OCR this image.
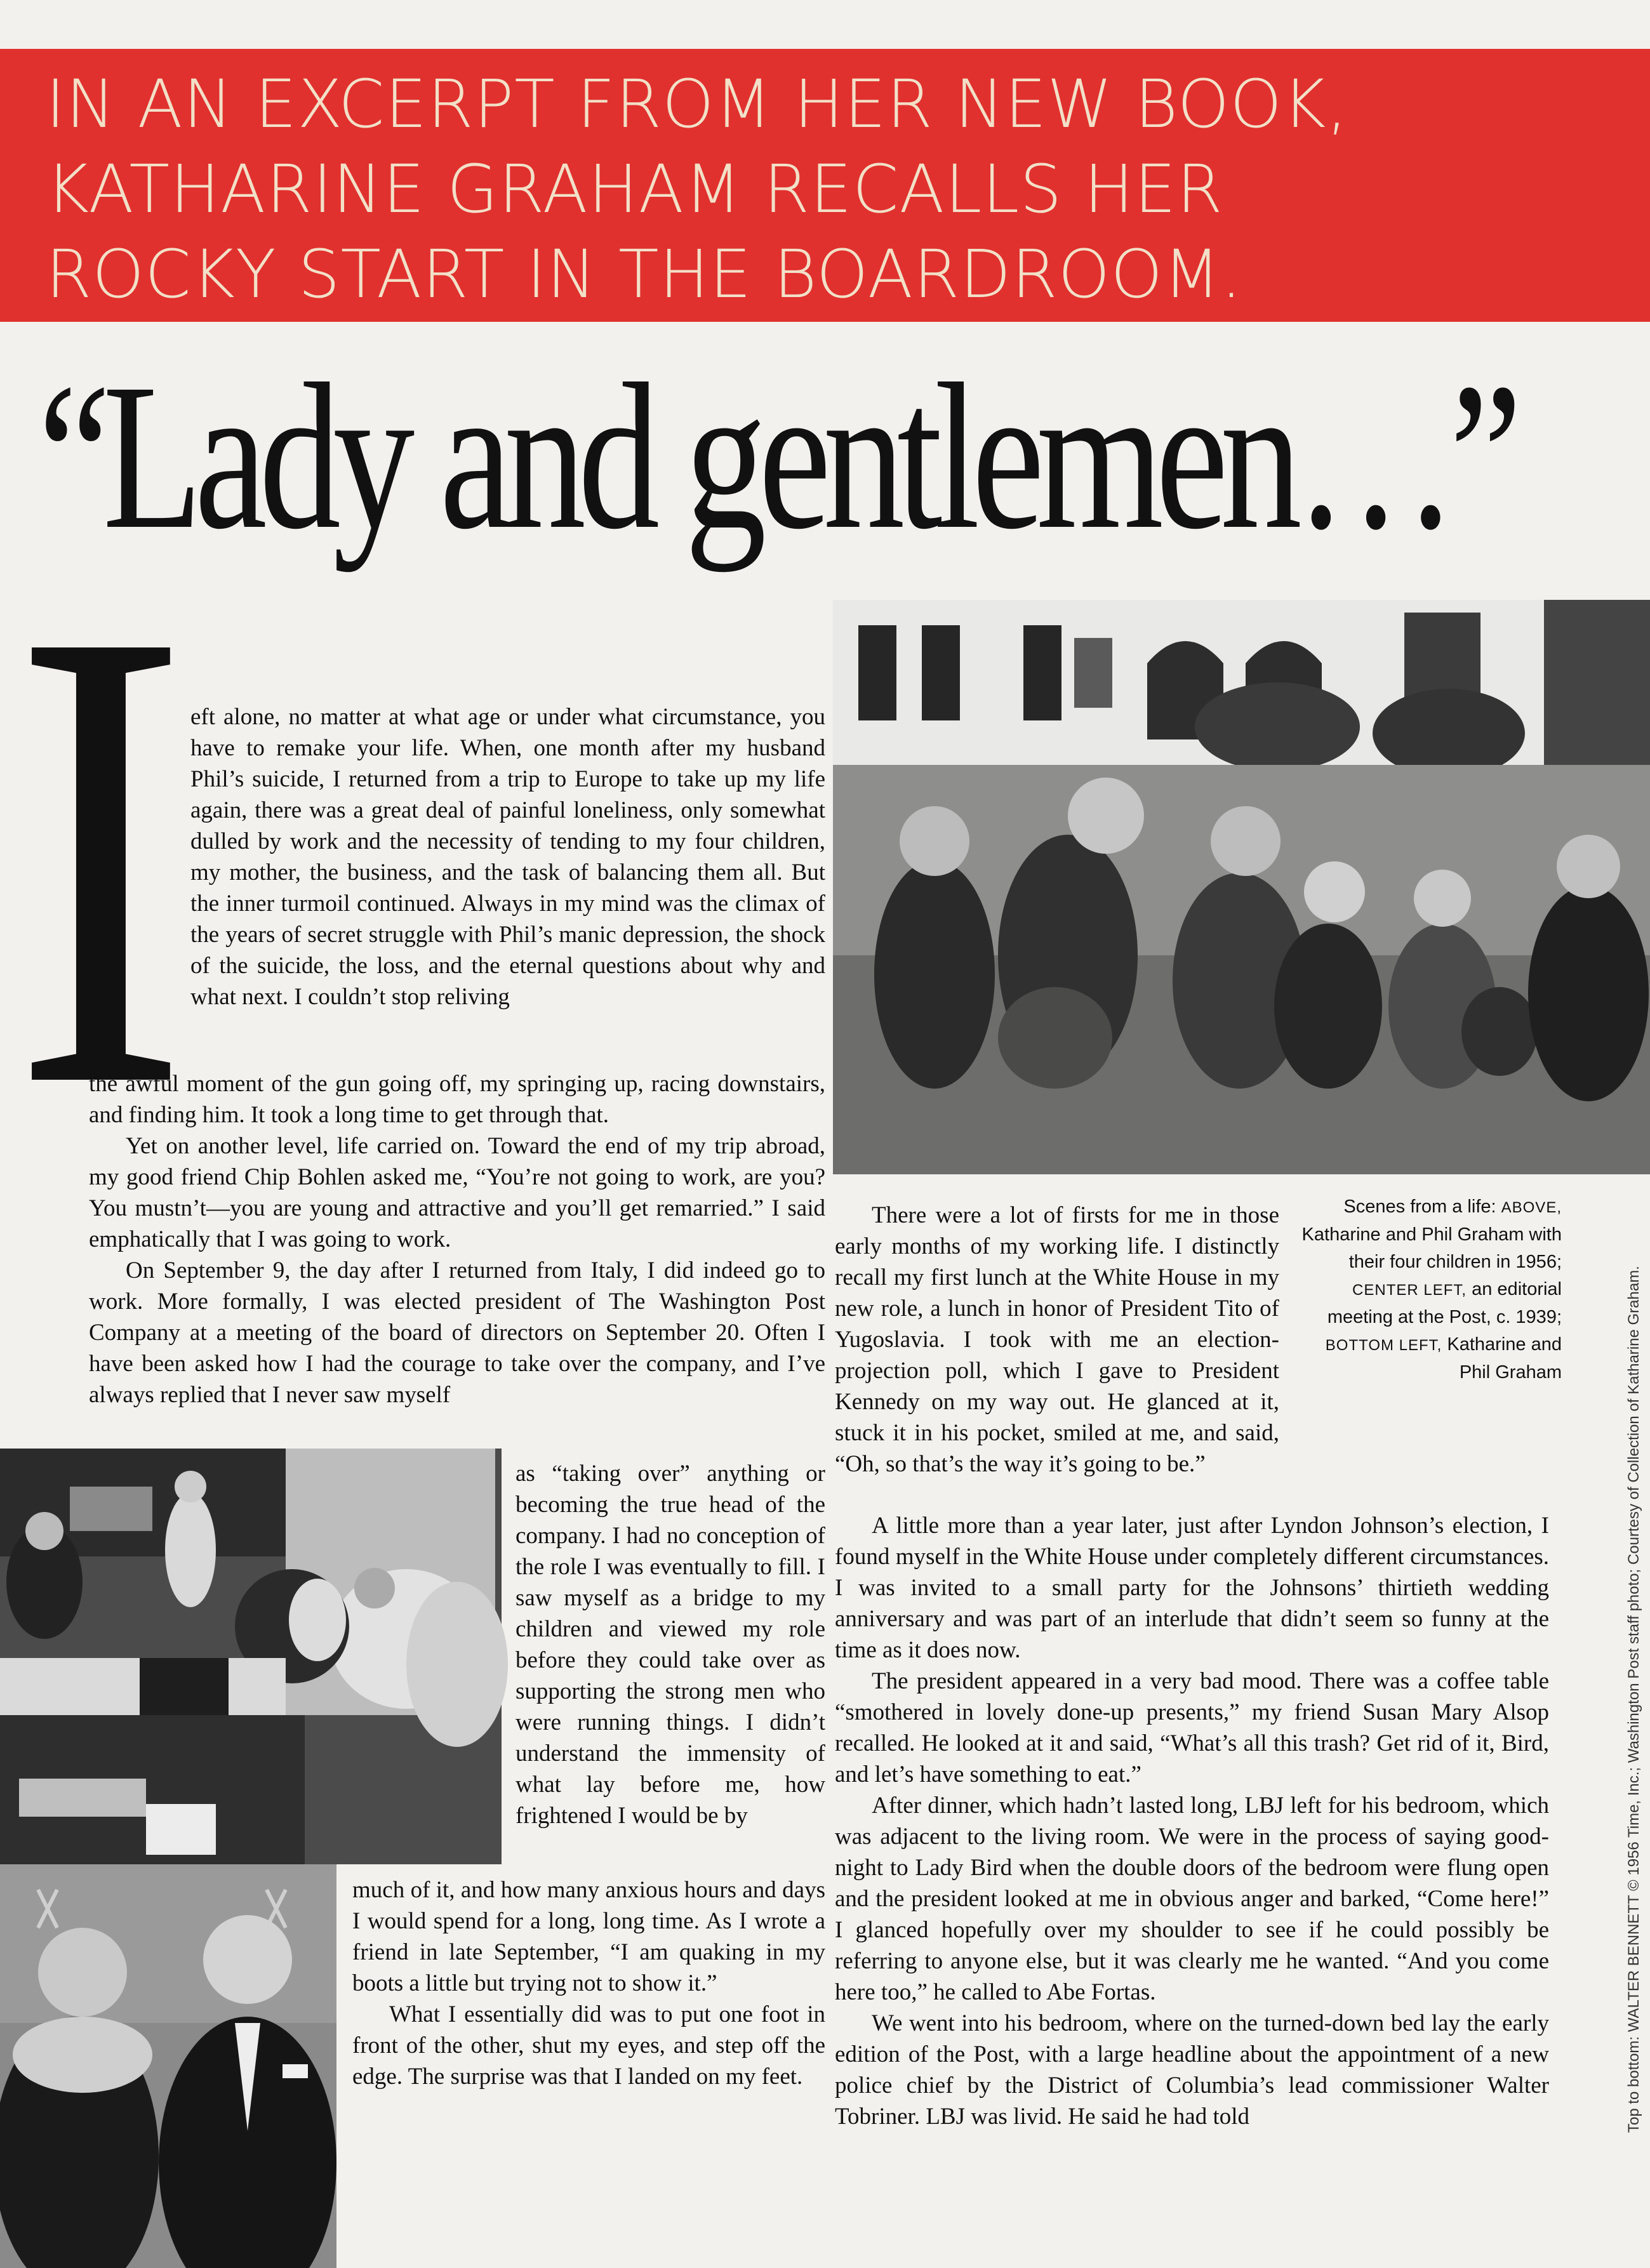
IN AN EXCERPT FROM HER NEW BOOK,
KATHARINE GRAHAM RECALLS HER
ROCKY START IN THE BOARDROOM.
“Lady and gentlemen…”
I eft alone, no matter at what age or under what circumstance, you have to remake your life. When, one month after my husband Phil’s suicide, I returned from a trip to Europe to take up my life again, there was a great deal of painful loneliness, only somewhat dulled by work and the necessity of tending to my four children, my mother, the business, and the task of balancing them all. But the inner turmoil continued. Always in my mind was the climax of the years of secret struggle with Phil’s manic depression, the shock of the suicide, the loss, and the eternal questions about why and what next. I couldn’t stop reliving

the awful moment of the gun going off, my springing up, racing downstairs, and finding him. It took a long time to get through that.

Yet on another level, life carried on. Toward the end of my trip abroad, my good friend Chip Bohlen asked me, “You’re not going to work, are you? You mustn’t—you are young and attractive and you’ll get remarried.” I said emphatically that I was going to work.

On September 9, the day after I returned from Italy, I did indeed go to work. More formally, I was elected president of The Washington Post Company at a meeting of the board of directors on September 20. Often I have been asked how I had the courage to take over the company, and I’ve always replied that I never saw myself

as “taking over” anything or becoming the true head of the company. I had no conception of the role I was eventually to fill. I saw myself as a bridge to my children and viewed my role before they could take over as supporting the strong men who were running things. I didn’t understand the immensity of what lay before me, how frightened I would be by

much of it, and how many anxious hours and days I would spend for a long, long time. As I wrote a friend in late September, “I am quaking in my boots a little but trying not to show it.”

What I essentially did was to put one foot in front of the other, shut my eyes, and step off the edge. The surprise was that I landed on my feet.

There were a lot of firsts for me in those early months of my working life. I distinctly recall my first lunch at the White House in my new role, a lunch in honor of President Tito of Yugoslavia. I took with me an election-projection poll, which I gave to President Kennedy on my way out. He glanced at it, stuck it in his pocket, smiled at me, and said, “Oh, so that’s the way it’s going to be.”

A little more than a year later, just after Lyndon Johnson’s election, I found myself in the White House under completely different circumstances. I was invited to a small party for the Johnsons’ thirtieth wedding anniversary and was part of an interlude that didn’t seem so funny at the time as it does now.

The president appeared in a very bad mood. There was a coffee table “smothered in lovely done-up presents,” my friend Susan Mary Alsop recalled. He looked at it and said, “What’s all this trash? Get rid of it, Bird, and let’s have something to eat.”

After dinner, which hadn’t lasted long, LBJ left for his bedroom, which was adjacent to the living room. We were in the process of saying good-night to Lady Bird when the double doors of the bedroom were flung open and the president looked at me in obvious anger and barked, “Come here!” I glanced hopefully over my shoulder to see if he could possibly be referring to anyone else, but it was clearly me he wanted. “And you come here too,” he called to Abe Fortas.

We went into his bedroom, where on the turned-down bed lay the early edition of the Post, with a large headline about the appointment of a new police chief by the District of Columbia’s lead commissioner Walter Tobriner. LBJ was livid. He said he had told

Scenes from a life: ABOVE, Katharine and Phil Graham with their four children in 1956; CENTER LEFT, an editorial meeting at the Post, c. 1939; BOTTOM LEFT, Katharine and Phil Graham	Top to bottom: WALTER BENNETT © 1956 Time, Inc.; Washington Post staff photo; Courtesy of Collection of Katharine Graham.
